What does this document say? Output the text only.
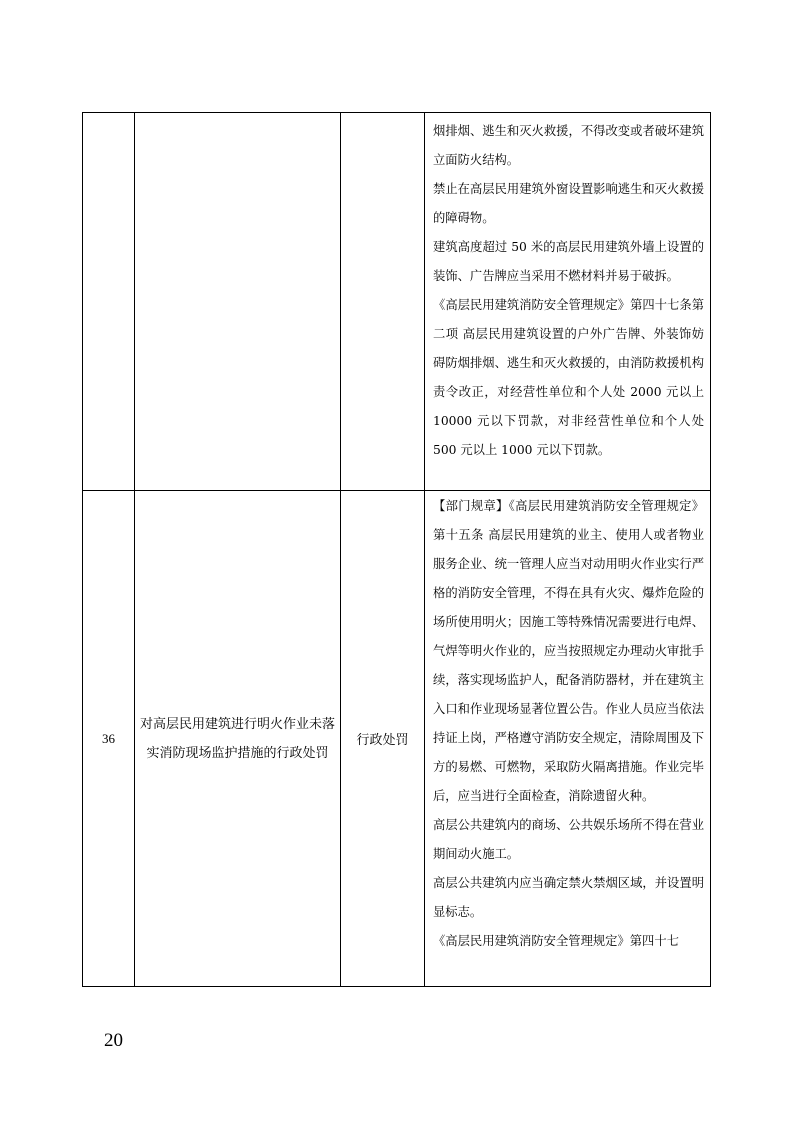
			烟排烟、逃生和灭火救援，不得改变或者破坏建筑立面防火结构。

禁止在高层民用建筑外窗设置影响逃生和灭火救援的障碍物。

建筑高度超过 50 米的高层民用建筑外墙上设置的装饰、广告牌应当采用不燃材料并易于破拆。

《高层民用建筑消防安全管理规定》第四十七条第二项 高层民用建筑设置的户外广告牌、外装饰妨碍防烟排烟、逃生和灭火救援的，由消防救援机构责令改正，对经营性单位和个人处 2000 元以上 10000 元以下罚款，对非经营性单位和个人处 500 元以上 1000 元以下罚款。

36	对高层民用建筑进行明火作业未落实消防现场监护措施的行政处罚	行政处罚	【部门规章】《高层民用建筑消防安全管理规定》第十五条 高层民用建筑的业主、使用人或者物业服务企业、统一管理人应当对动用明火作业实行严格的消防安全管理，不得在具有火灾、爆炸危险的场所使用明火；因施工等特殊情况需要进行电焊、气焊等明火作业的，应当按照规定办理动火审批手续，落实现场监护人，配备消防器材，并在建筑主入口和作业现场显著位置公告。作业人员应当依法持证上岗，严格遵守消防安全规定，清除周围及下方的易燃、可燃物，采取防火隔离措施。作业完毕后，应当进行全面检查，消除遗留火种。

高层公共建筑内的商场、公共娱乐场所不得在营业期间动火施工。

高层公共建筑内应当确定禁火禁烟区域，并设置明显标志。

《高层民用建筑消防安全管理规定》第四十七

20
